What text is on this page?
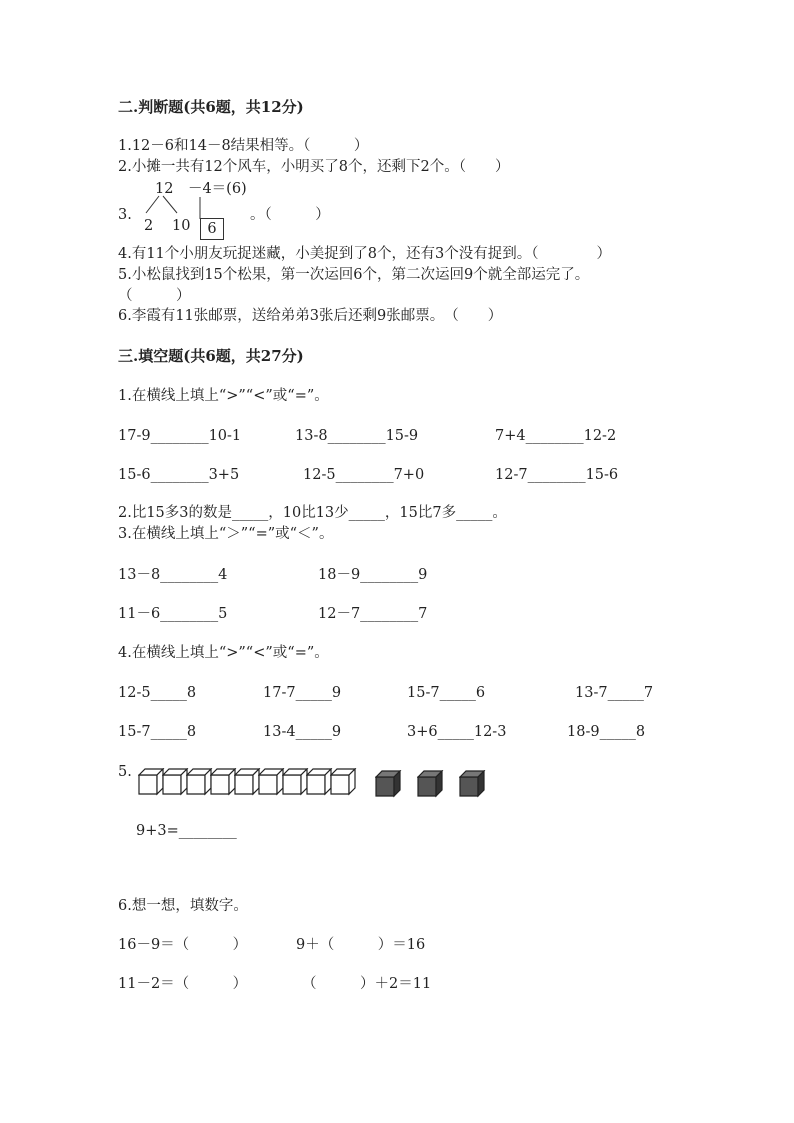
二.判断题(共6题，共12分)
1.12－6和14－8结果相等。（　　　）
2.小摊一共有12个风车，小明买了8个，还剩下2个。（　　）
12　－4＝(6)
3.
2 10	6
。（　　　）
4.有11个小朋友玩捉迷藏，小美捉到了8个，还有3个没有捉到。（　　　　）
5.小松鼠找到15个松果，第一次运回6个，第二次运回9个就全部运完了。
（　　　）
6.李霞有11张邮票，送给弟弟3张后还剩9张邮票。　（　　）
三.填空题(共6题，共27分)
1.在横线上填上“>”“<”或“=”。
17-9________10-1	13-8________15-9	7+4________12-2
15-6________3+5	12-5________7+0	12-7________15-6
2.比15多3的数是_____，10比13少_____，15比7多_____。
3.在横线上填上“＞”“=”或“＜”。
13－8________4	18－9________9
11－6________5	12－7________7
4.在横线上填上“>”“<”或“=”。
12-5_____8	17-7_____9	15-7_____6	13-7_____7
15-7_____8	13-4_____9	3+6_____12-3	18-9_____8
5.
9+3=________
6.想一想，填数字。
16－9＝（　　　）	9＋（　　　）＝16
11－2＝（　　　）	（　　　）＋2＝11
